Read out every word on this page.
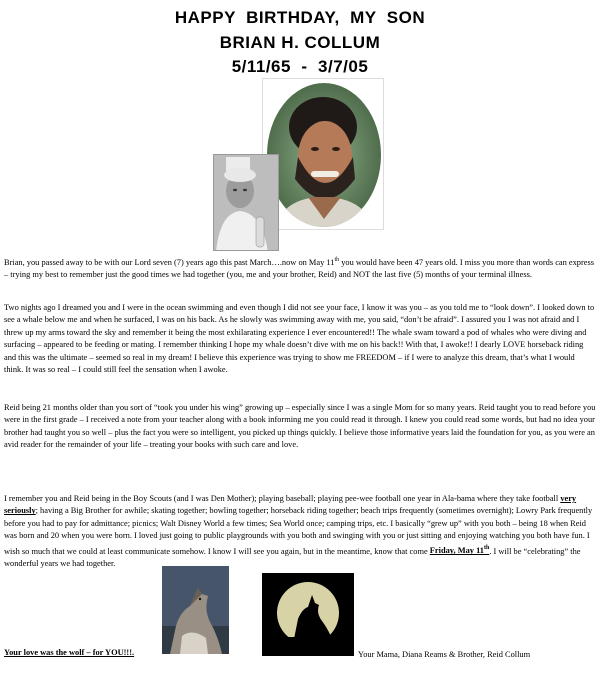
HAPPY  BIRTHDAY,  MY  SON
BRIAN H. COLLUM
5/11/65  -  3/7/05

Brian, you passed away to be with our Lord seven (7) years ago this past March….now on May 11th you would have been 47 years old. I miss you more than words can express – trying my best to remember just the good times we had together (you, me and your brother, Reid) and NOT the last five (5) months of your terminal illness.

Two nights ago I dreamed you and I were in the ocean swimming and even though I did not see your face, I know it was you – as you told me to “look down”. I looked down to see a whale below me and when he surfaced, I was on his back. As he slowly was swimming away with me, you said, “don’t be afraid”. I assured you I was not afraid and I threw up my arms toward the sky and remember it being the most exhilarating experience I ever encountered!! The whale swam toward a pod of whales who were diving and surfacing – appeared to be feeding or mating. I remember thinking I hope my whale doesn’t dive with me on his back!! With that, I awoke!! I dearly LOVE horseback riding and this was the ultimate – seemed so real in my dream! I believe this experience was trying to show me FREEDOM – if I were to analyze this dream, that’s what I would think. It was so real – I could still feel the sensation when I awoke.

Reid being 21 months older than you sort of “took you under his wing” growing up – especially since I was a single Mom for so many years. Reid taught you to read before you were in the first grade – I received a note from your teacher along with a book informing me you could read it through. I knew you could read some words, but had no idea your brother had taught you so well – plus the fact you were so intelligent, you picked up things quickly. I believe those informative years laid the foundation for you, as you were an avid reader for the remainder of your life – treating your books with such care and love.

I remember you and Reid being in the Boy Scouts (and I was Den Mother); playing baseball; playing pee-wee football one year in Ala-bama where they take football very seriously; having a Big Brother for awhile; skating together; bowling together; horseback riding together; beach trips frequently (sometimes overnight); Lowry Park frequently before you had to pay for admittance; picnics; Walt Disney World a few times; Sea World once; camping trips, etc. I basically “grew up” with you both – being 18 when Reid was born and 20 when you were born. I loved just going to public playgrounds with you both and swinging with you or just sitting and enjoying watching you both have fun. I wish so much that we could at least communicate somehow. I know I will see you again, but in the meantime, know that come Friday, May 11th. I will be “celebrating” the wonderful years we had together.

Your love was the wolf – for YOU!!!.	Your Mama, Diana Reams & Brother, Reid Collum
